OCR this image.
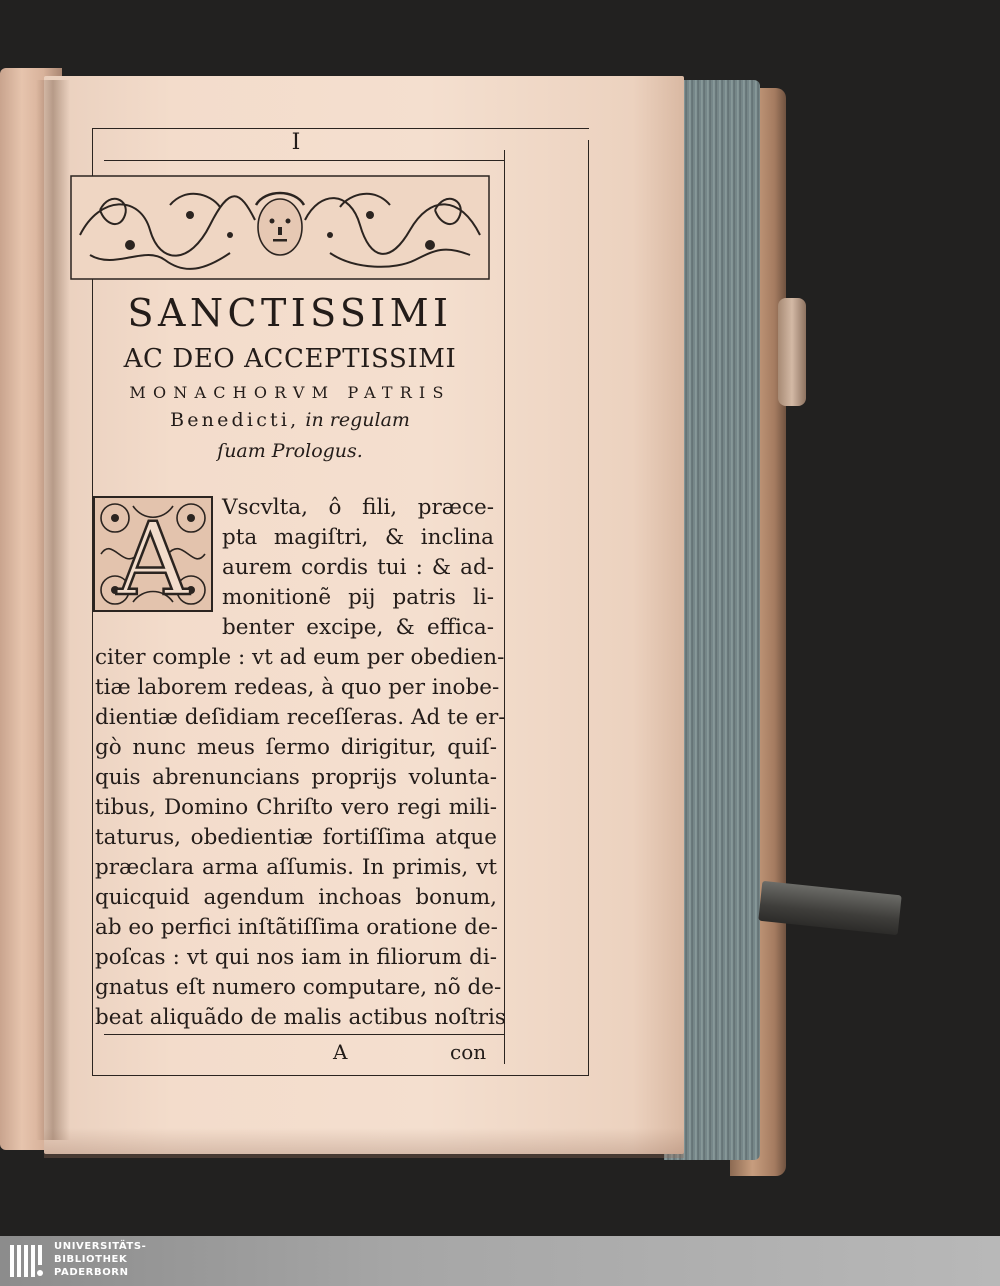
I
SANCTISSIMI
AC DEO ACCEPTISSIMI
MONACHORVM PATRIS
Benedicti, in regulam
ſuam Prologus.
A Vscvlta, ô fili, præce-
pta magiſtri, & inclina
aurem cordis tui : & ad-
monitionẽ pij patris li-
benter excipe, & effica-
citer comple : vt ad eum per obedien-
tiæ laborem redeas, à quo per inobe-
dientiæ deſidiam receſſeras. Ad te er-
gò nunc meus ſermo dirigitur, quiſ-
quis abrenuncians proprijs volunta-
tibus, Domino Chriſto vero regi mili-
taturus, obedientiæ fortiſſima atque
præclara arma aſſumis. In primis, vt
quicquid agendum inchoas bonum,
ab eo perfici inſtãtiſſima oratione de-
poſcas : vt qui nos iam in filiorum di-
gnatus eſt numero computare, nõ de-
beat aliquãdo de malis actibus noſtris
A	con
UNIVERSITÄTS-
BIBLIOTHEK
PADERBORN
